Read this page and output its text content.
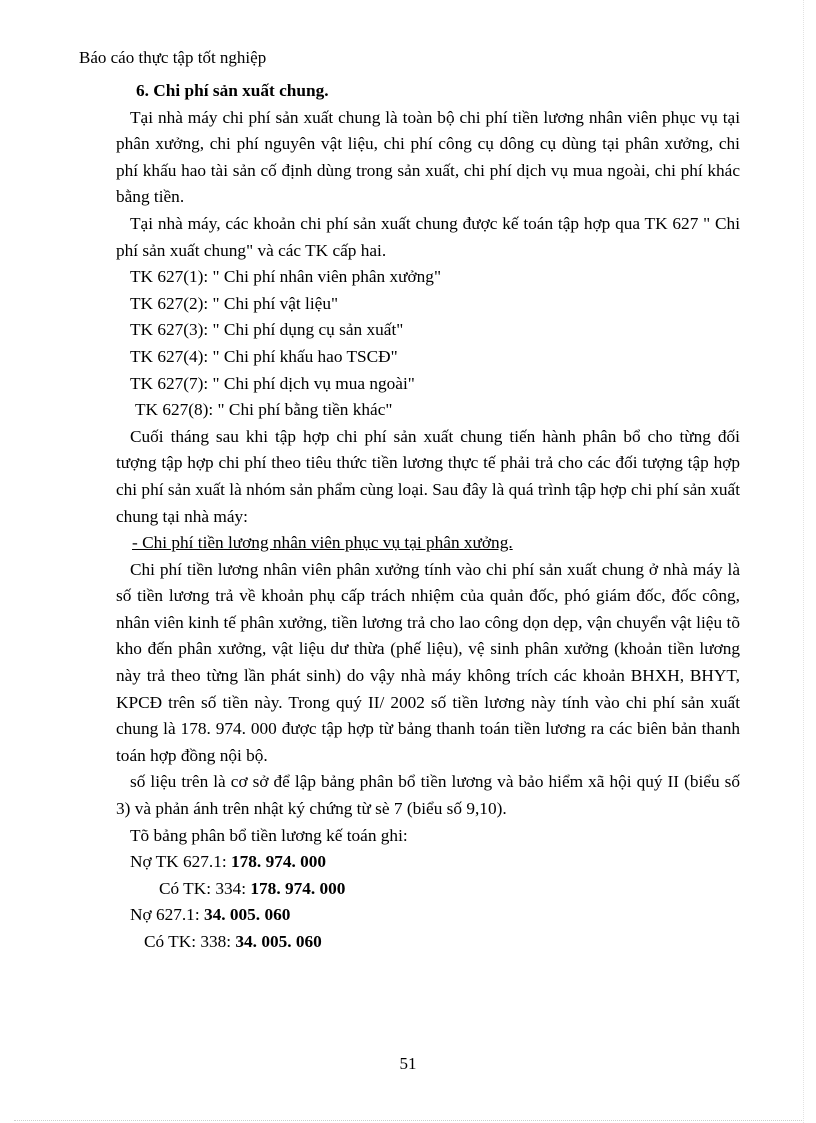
Báo cáo thực tập tốt nghiệp
6. Chi phí sản xuất chung.
Tại nhà máy chi phí sản xuất chung là toàn bộ chi phí tiền lương nhân viên phục vụ tại phân xưởng, chi phí nguyên vật liệu, chi phí công cụ dông cụ dùng tại phân xưởng, chi phí khấu hao tài sản cố định dùng trong sản xuất, chi phí dịch vụ mua ngoài, chi phí khác bằng tiền.
Tại nhà máy, các khoản chi phí sản xuất chung được kế toán tập hợp qua TK 627 " Chi phí sản xuất chung" và các TK cấp hai.
TK 627(1): " Chi phí nhân viên phân xưởng"
TK 627(2): " Chi phí vật liệu"
TK 627(3): " Chi phí dụng cụ sản xuất"
TK 627(4): " Chi phí khấu hao TSCĐ"
TK 627(7): " Chi phí dịch vụ mua ngoài"
TK 627(8): " Chi phí bằng tiền khác"
Cuối tháng sau khi tập hợp chi phí sản xuất chung tiến hành phân bổ cho từng đối tượng tập hợp chi phí theo tiêu thức tiền lương thực tế phải trả cho các đối tượng tập hợp chi phí sản xuất là nhóm sản phẩm cùng loại. Sau đây là quá trình tập hợp chi phí sản xuất chung tại nhà máy:
- Chi phí tiền lương nhân viên phục vụ tại phân xưởng.
Chi phí tiền lương nhân viên phân xưởng tính vào chi phí sản xuất chung ở nhà máy là số tiền lương trả về khoản phụ cấp trách nhiệm của quản đốc, phó giám đốc, đốc công, nhân viên kinh tế phân xưởng, tiền lương trả cho lao công dọn dẹp, vận chuyển vật liệu tõ kho đến phân xưởng, vật liệu dư thừa (phế liệu), vệ sinh phân xưởng (khoản tiền lương này trả theo từng lần phát sinh) do vậy nhà máy không trích các khoản BHXH, BHYT, KPCĐ trên số tiền này. Trong quý II/ 2002 số tiền lương này tính vào chi phí sản xuất chung là 178. 974. 000 được tập hợp từ bảng thanh toán tiền lương ra các biên bản thanh toán hợp đồng nội bộ.
số liệu trên là cơ sở để lập bảng phân bổ tiền lương và bảo hiểm xã hội quý II (biểu số 3) và phản ánh trên nhật ký chứng từ sè 7 (biểu số 9,10).
Tõ bảng phân bổ tiền lương kế toán ghi:
Nợ TK 627.1: 178. 974. 000
Có TK: 334: 178. 974. 000
Nợ 627.1: 34. 005. 060
Có TK: 338: 34. 005. 060
51
